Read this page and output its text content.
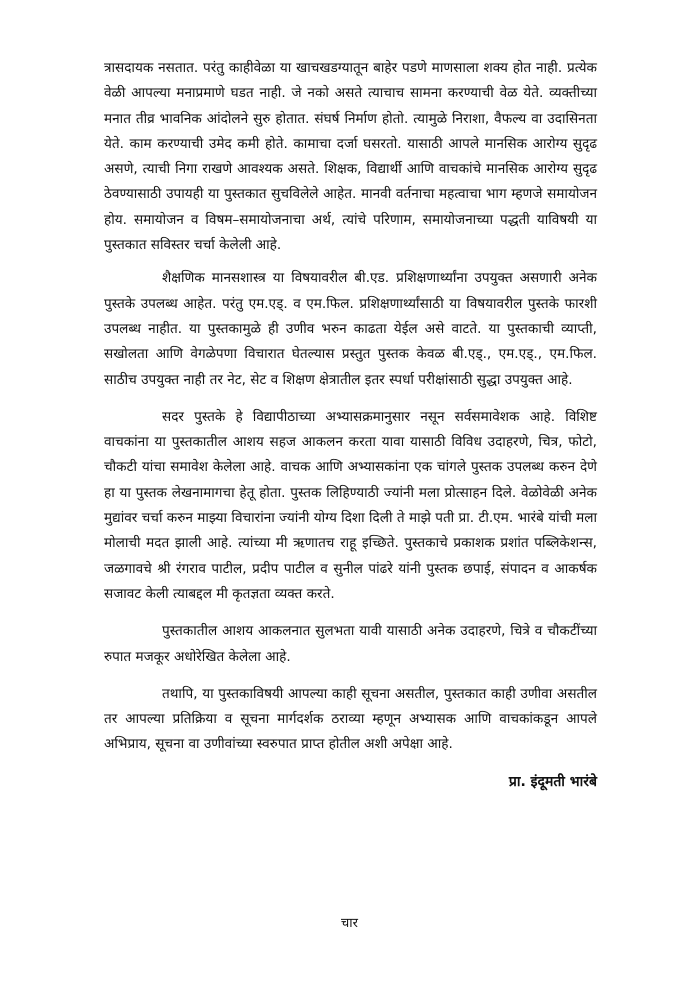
त्रासदायक नसतात. परंतु काहीवेळा या खाचखडग्यातून बाहेर पडणे माणसाला शक्य होत नाही. प्रत्येक वेळी आपल्या मनाप्रमाणे घडत नाही. जे नको असते त्याचाच सामना करण्याची वेळ येते. व्यक्तीच्या मनात तीव्र भावनिक आंदोलने सुरु होतात. संघर्ष निर्माण होतो. त्यामुळे निराशा, वैफल्य वा उदासिनता येते. काम करण्याची उमेद कमी होते. कामाचा दर्जा घसरतो. यासाठी आपले मानसिक आरोग्य सुदृढ असणे, त्याची निगा राखणे आवश्यक असते. शिक्षक, विद्यार्थी आणि वाचकांचे मानसिक आरोग्य सुदृढ ठेवण्यासाठी उपायही या पुस्तकात सुचविलेले आहेत. मानवी वर्तनाचा महत्वाचा भाग म्हणजे समायोजन होय. समायोजन व विषम–समायोजनाचा अर्थ, त्यांचे परिणाम, समायोजनाच्या पद्धती याविषयी या पुस्तकात सविस्तर चर्चा केलेली आहे.

शैक्षणिक मानसशास्त्र या विषयावरील बी.एड. प्रशिक्षणार्थ्यांना उपयुक्त असणारी अनेक पुस्तके उपलब्ध आहेत. परंतु एम.एड्. व एम.फिल. प्रशिक्षणार्थ्यांसाठी या विषयावरील पुस्तके फारशी उपलब्ध नाहीत. या पुस्तकामुळे ही उणीव भरुन काढता येईल असे वाटते. या पुस्तकाची व्याप्ती, सखोलता आणि वेगळेपणा विचारात घेतल्यास प्रस्तुत पुस्तक केवळ बी.एड्., एम.एड्., एम.फिल. साठीच उपयुक्त नाही तर नेट, सेट व शिक्षण क्षेत्रातील इतर स्पर्धा परीक्षांसाठी सुद्धा उपयुक्त आहे.

सदर पुस्तके हे विद्यापीठाच्या अभ्यासक्रमानुसार नसून सर्वसमावेशक आहे. विशिष्ट वाचकांना या पुस्तकातील आशय सहज आकलन करता यावा यासाठी विविध उदाहरणे, चित्र, फोटो, चौकटी यांचा समावेश केलेला आहे. वाचक आणि अभ्यासकांना एक चांगले पुस्तक उपलब्ध करुन देणे हा या पुस्तक लेखनामागचा हेतू होता. पुस्तक लिहिण्याठी ज्यांनी मला प्रोत्साहन दिले. वेळोवेळी अनेक मुद्यांवर चर्चा करुन माझ्या विचारांना ज्यांनी योग्य दिशा दिली ते माझे पती प्रा. टी.एम. भारंबे यांची मला मोलाची मदत झाली आहे. त्यांच्या मी ऋणातच राहू इच्छिते. पुस्तकाचे प्रकाशक प्रशांत पब्लिकेशन्स, जळगावचे श्री रंगराव पाटील, प्रदीप पाटील व सुनील पांढरे यांनी पुस्तक छपाई, संपादन व आकर्षक सजावट केली त्याबद्दल मी कृतज्ञता व्यक्त करते.

पुस्तकातील आशय आकलनात सुलभता यावी यासाठी अनेक उदाहरणे, चित्रे व चौकटींच्या रुपात मजकूर अधोरेखित केलेला आहे.

तथापि, या पुस्तकाविषयी आपल्या काही सूचना असतील, पुस्तकात काही उणीवा असतील तर आपल्या प्रतिक्रिया व सूचना मार्गदर्शक ठराव्या म्हणून अभ्यासक आणि वाचकांकडून आपले अभिप्राय, सूचना वा उणीवांच्या स्वरुपात प्राप्त होतील अशी अपेक्षा आहे.

प्रा. इंदूमती भारंबे

चार
